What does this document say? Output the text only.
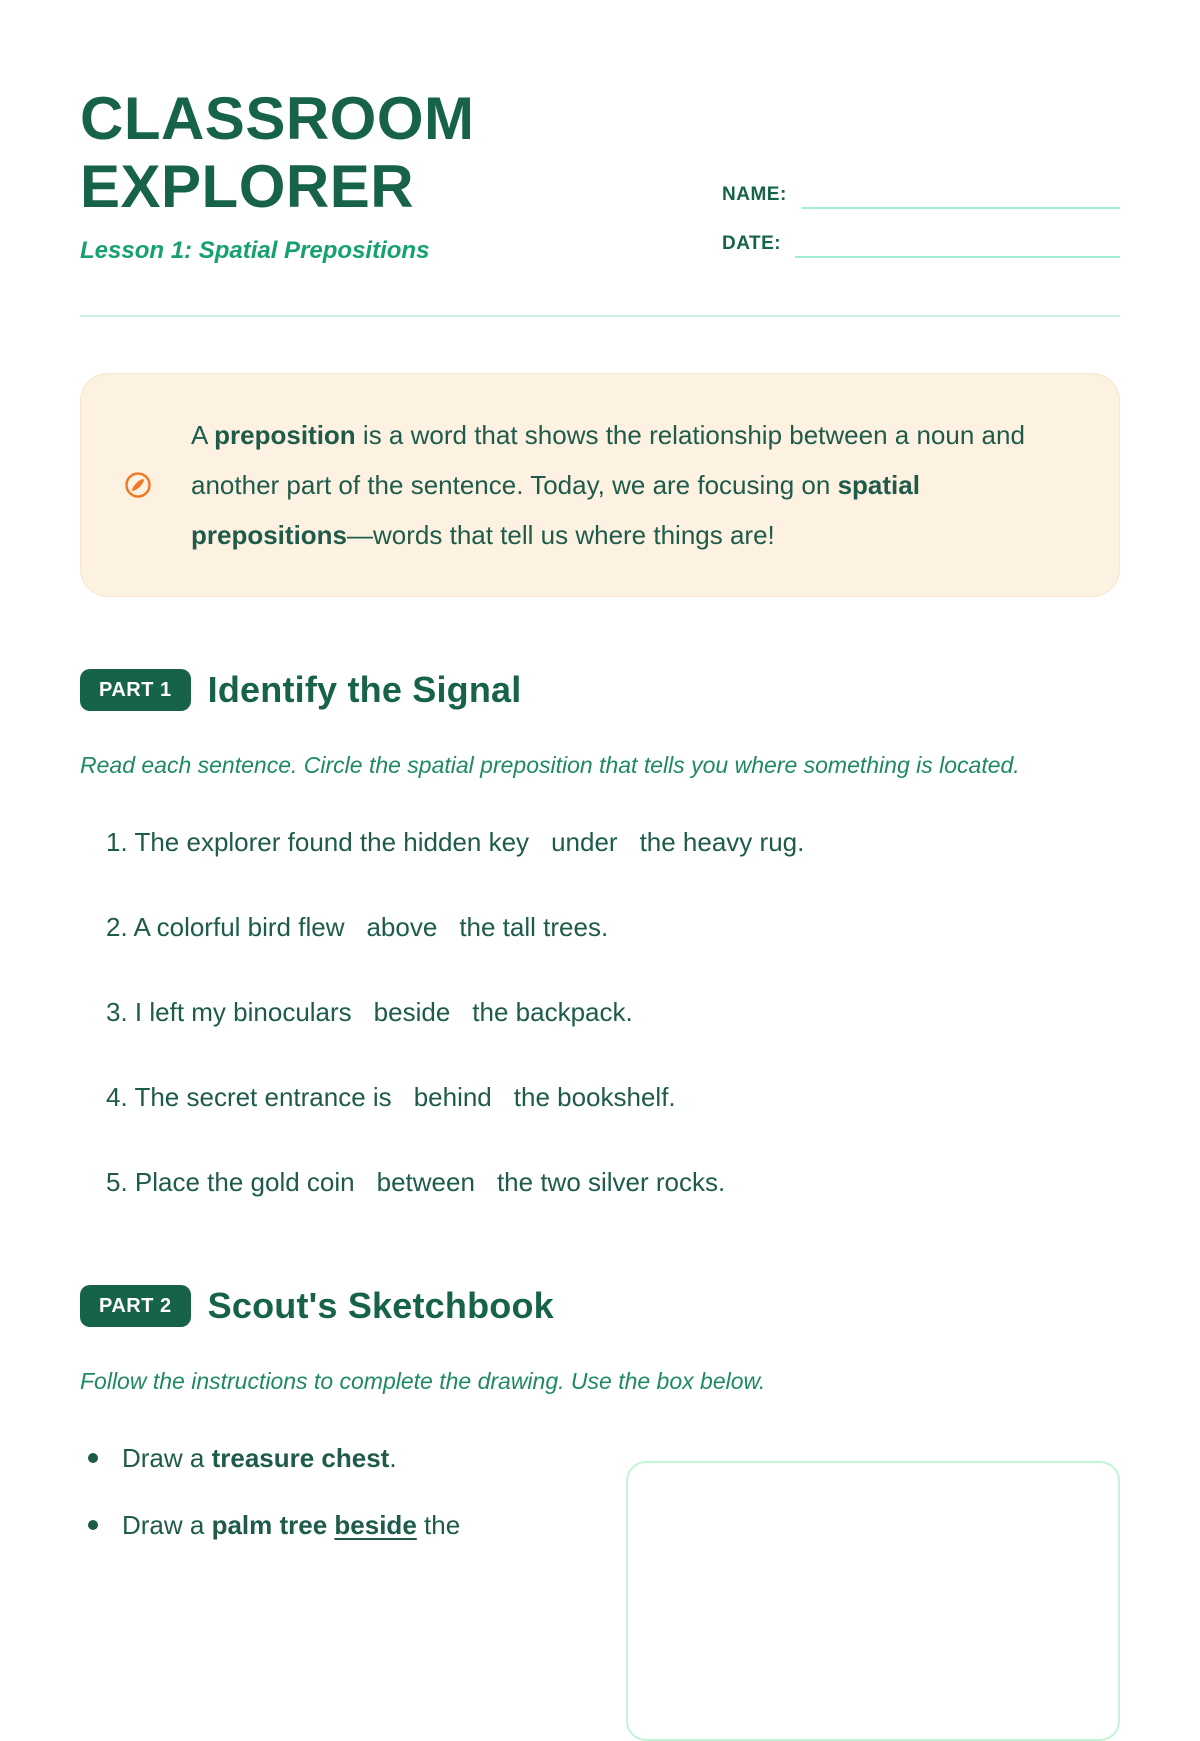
CLASSROOM
EXPLORER
Lesson 1: Spatial Prepositions
NAME:
DATE:

A preposition is a word that shows the relationship between a noun and another part of the sentence. Today, we are focusing on spatial prepositions—words that tell us where things are!

PART 1	Identify the Signal

Read each sentence. Circle the spatial preposition that tells you where something is located.

1. The explorer found the hidden key under the heavy rug.
2. A colorful bird flew above the tall trees.
3. I left my binoculars beside the backpack.
4. The secret entrance is behind the bookshelf.
5. Place the gold coin between the two silver rocks.
PART 2	Scout's Sketchbook

Follow the instructions to complete the drawing. Use the box below.

Draw a treasure chest.
Draw a palm tree beside the
